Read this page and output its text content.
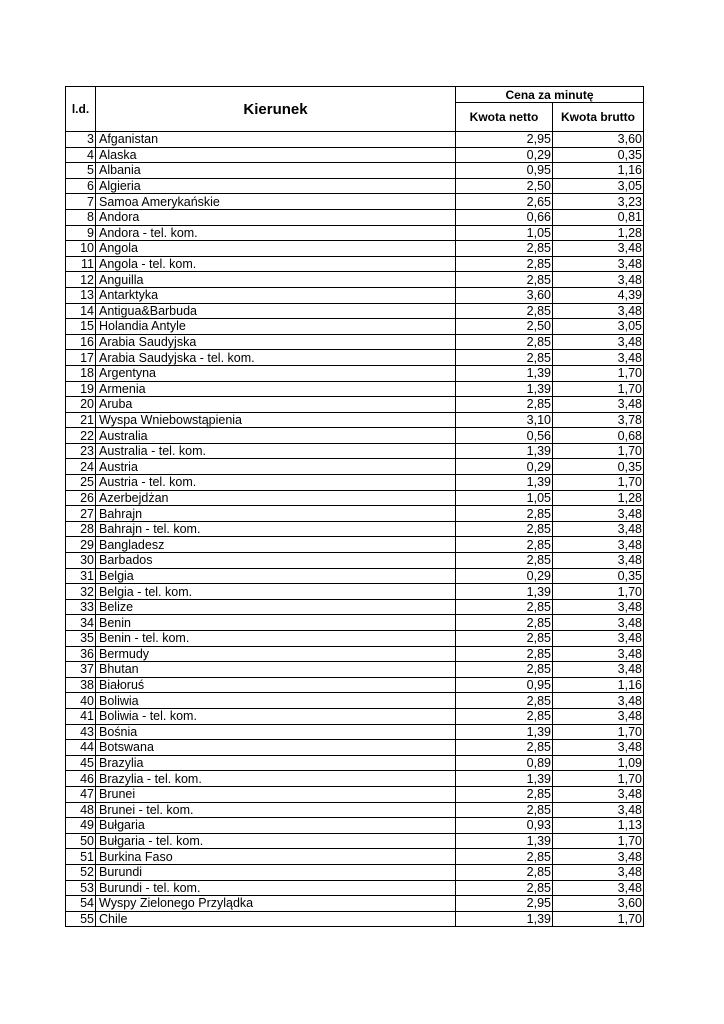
l.d.	Kierunek	Cena za minutę	
		Kwota netto	Kwota brutto
3	Afganistan	2,95	3,60
4	Alaska	0,29	0,35
5	Albania	0,95	1,16
6	Algieria	2,50	3,05
7	Samoa Amerykańskie	2,65	3,23
8	Andora	0,66	0,81
9	Andora - tel. kom.	1,05	1,28
10	Angola	2,85	3,48
11	Angola - tel. kom.	2,85	3,48
12	Anguilla	2,85	3,48
13	Antarktyka	3,60	4,39
14	Antigua&Barbuda	2,85	3,48
15	Holandia Antyle	2,50	3,05
16	Arabia Saudyjska	2,85	3,48
17	Arabia Saudyjska - tel. kom.	2,85	3,48
18	Argentyna	1,39	1,70
19	Armenia	1,39	1,70
20	Aruba	2,85	3,48
21	Wyspa Wniebowstąpienia	3,10	3,78
22	Australia	0,56	0,68
23	Australia - tel. kom.	1,39	1,70
24	Austria	0,29	0,35
25	Austria - tel. kom.	1,39	1,70
26	Azerbejdżan	1,05	1,28
27	Bahrajn	2,85	3,48
28	Bahrajn - tel. kom.	2,85	3,48
29	Bangladesz	2,85	3,48
30	Barbados	2,85	3,48
31	Belgia	0,29	0,35
32	Belgia - tel. kom.	1,39	1,70
33	Belize	2,85	3,48
34	Benin	2,85	3,48
35	Benin - tel. kom.	2,85	3,48
36	Bermudy	2,85	3,48
37	Bhutan	2,85	3,48
38	Białoruś	0,95	1,16
40	Boliwia	2,85	3,48
41	Boliwia - tel. kom.	2,85	3,48
43	Bośnia	1,39	1,70
44	Botswana	2,85	3,48
45	Brazylia	0,89	1,09
46	Brazylia - tel. kom.	1,39	1,70
47	Brunei	2,85	3,48
48	Brunei - tel. kom.	2,85	3,48
49	Bułgaria	0,93	1,13
50	Bułgaria - tel. kom.	1,39	1,70
51	Burkina Faso	2,85	3,48
52	Burundi	2,85	3,48
53	Burundi - tel. kom.	2,85	3,48
54	Wyspy Zielonego Przylądka	2,95	3,60
55	Chile	1,39	1,70
